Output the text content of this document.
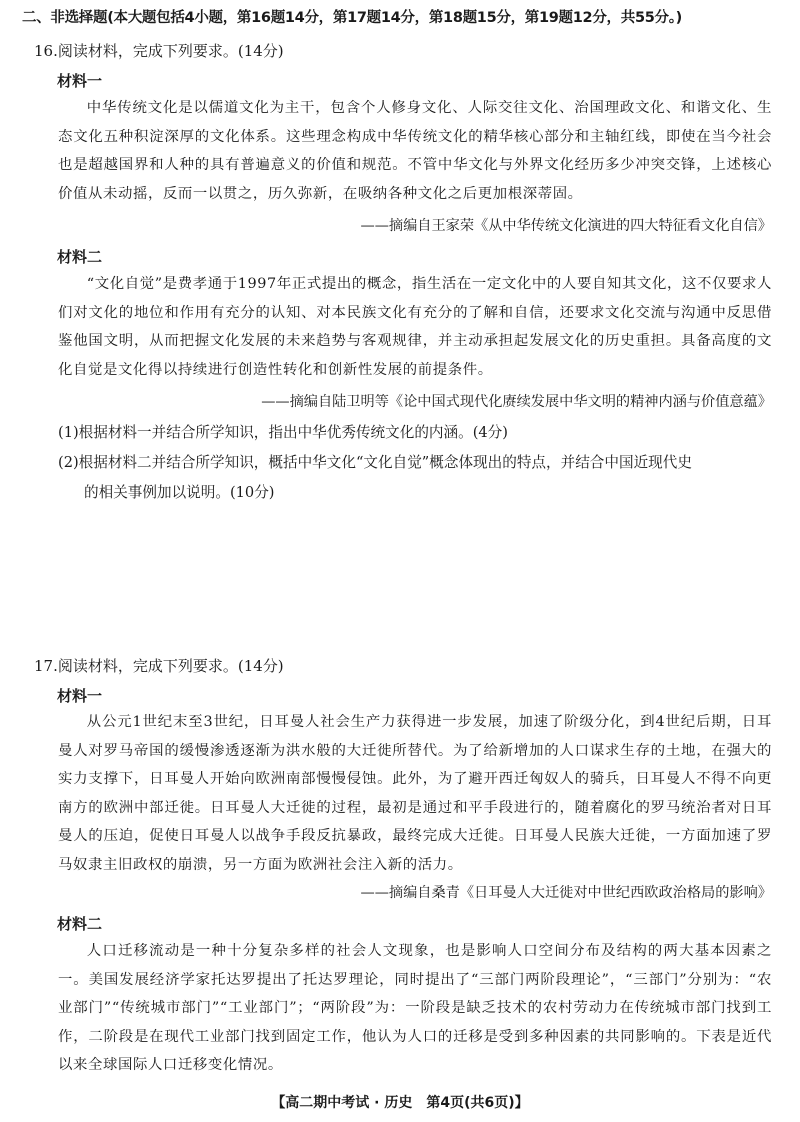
二、非选择题(本大题包括4小题，第16题14分，第17题14分，第18题15分，第19题12分，共55分。)
16.阅读材料，完成下列要求。(14分)
材料一

中华传统文化是以儒道文化为主干，包含个人修身文化、人际交往文化、治国理政文化、和谐文化、生态文化五种积淀深厚的文化体系。这些理念构成中华传统文化的精华核心部分和主轴红线，即使在当今社会也是超越国界和人种的具有普遍意义的价值和规范。不管中华文化与外界文化经历多少冲突交锋，上述核心价值从未动摇，反而一以贯之，历久弥新，在吸纳各种文化之后更加根深蒂固。

——摘编自王家荣《从中华传统文化演进的四大特征看文化自信》
材料二

“文化自觉”是费孝通于1997年正式提出的概念，指生活在一定文化中的人要自知其文化，这不仅要求人们对文化的地位和作用有充分的认知、对本民族文化有充分的了解和自信，还要求文化交流与沟通中反思借鉴他国文明，从而把握文化发展的未来趋势与客观规律，并主动承担起发展文化的历史重担。具备高度的文化自觉是文化得以持续进行创造性转化和创新性发展的前提条件。

——摘编自陆卫明等《论中国式现代化赓续发展中华文明的精神内涵与价值意蕴》
(1)根据材料一并结合所学知识，指出中华优秀传统文化的内涵。(4分)
(2)根据材料二并结合所学知识，概括中华文化“文化自觉”概念体现出的特点，并结合中国近现代史
的相关事例加以说明。(10分)
17.阅读材料，完成下列要求。(14分)
材料一

从公元1世纪末至3世纪，日耳曼人社会生产力获得进一步发展，加速了阶级分化，到4世纪后期，日耳曼人对罗马帝国的缓慢渗透逐渐为洪水般的大迁徙所替代。为了给新增加的人口谋求生存的土地，在强大的实力支撑下，日耳曼人开始向欧洲南部慢慢侵蚀。此外，为了避开西迁匈奴人的骑兵，日耳曼人不得不向更南方的欧洲中部迁徙。日耳曼人大迁徙的过程，最初是通过和平手段进行的，随着腐化的罗马统治者对日耳曼人的压迫，促使日耳曼人以战争手段反抗暴政，最终完成大迁徙。日耳曼人民族大迁徙，一方面加速了罗马奴隶主旧政权的崩溃，另一方面为欧洲社会注入新的活力。

——摘编自桑青《日耳曼人大迁徙对中世纪西欧政治格局的影响》
材料二

人口迁移流动是一种十分复杂多样的社会人文现象，也是影响人口空间分布及结构的两大基本因素之一。美国发展经济学家托达罗提出了托达罗理论，同时提出了“三部门两阶段理论”，“三部门”分别为：“农业部门”“传统城市部门”“工业部门”；“两阶段”为：一阶段是缺乏技术的农村劳动力在传统城市部门找到工作，二阶段是在现代工业部门找到固定工作，他认为人口的迁移是受到多种因素的共同影响的。下表是近代以来全球国际人口迁移变化情况。

【高二期中考试 · 历史　第4页(共6页)】
